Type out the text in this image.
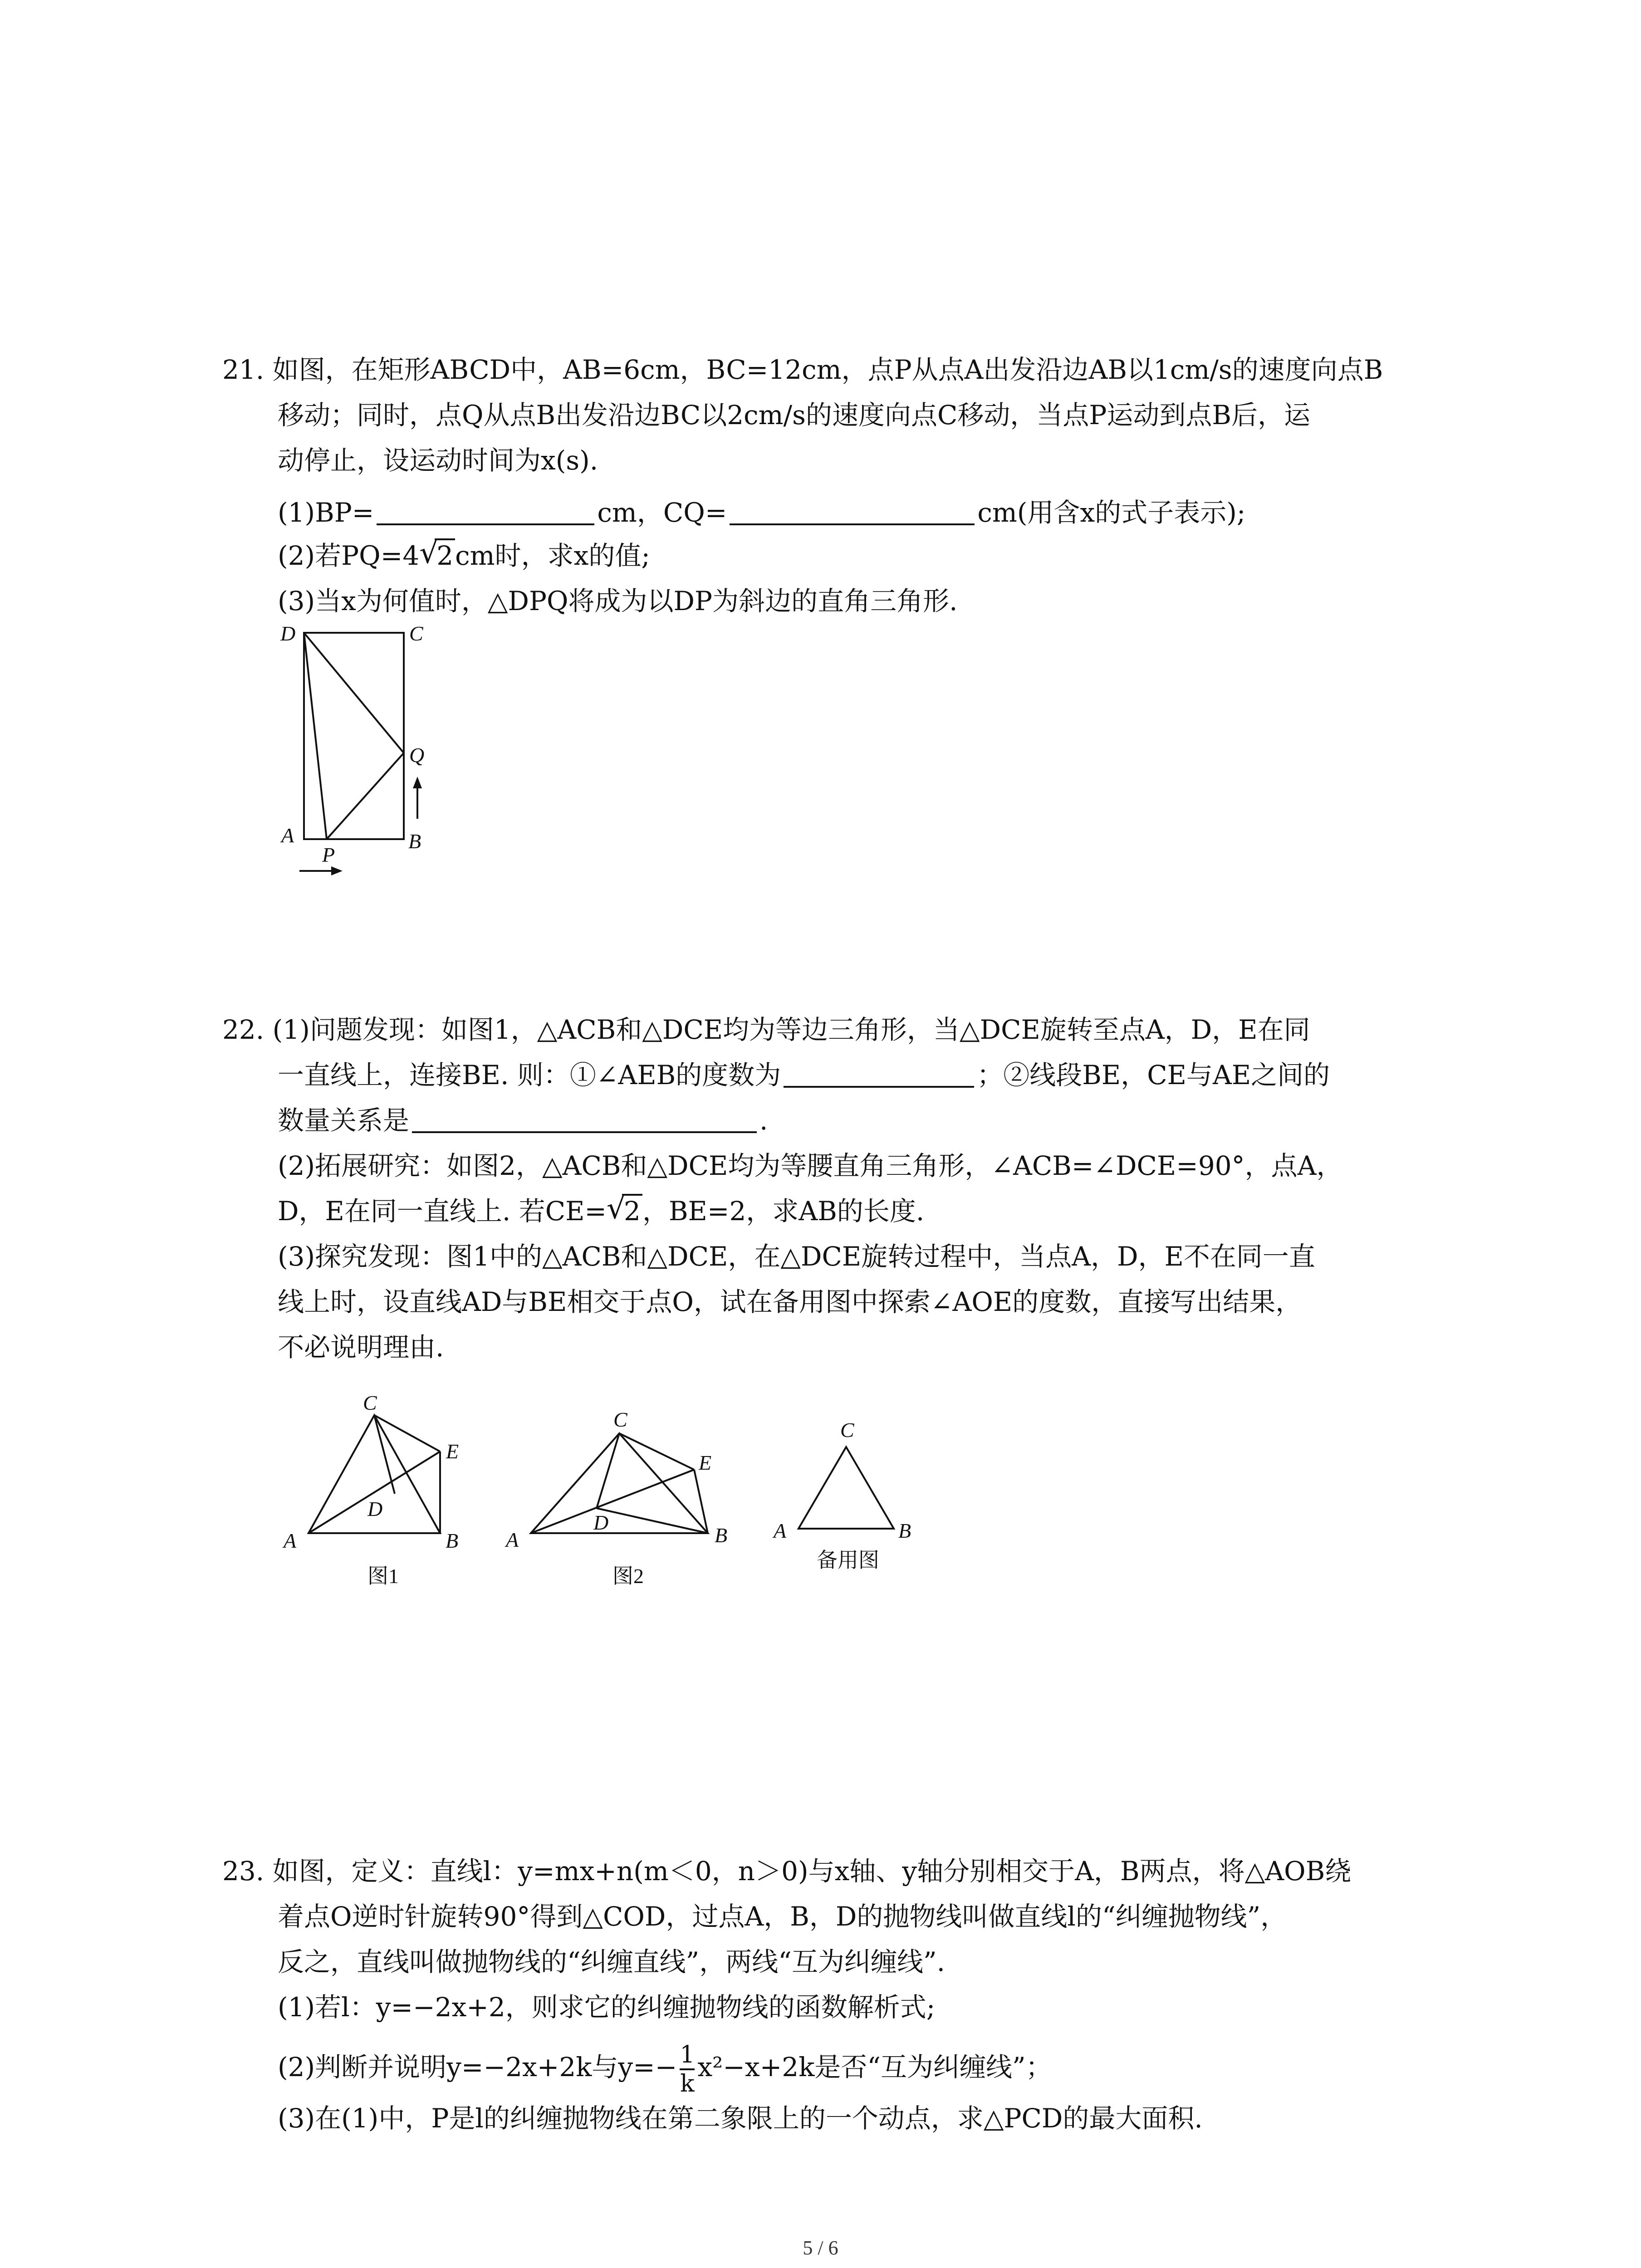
21. 如图，在矩形ABCD中，AB=6cm，BC=12cm，点P从点A出发沿边AB以1cm/s的速度向点B
移动；同时，点Q从点B出发沿边BC以2cm/s的速度向点C移动，当点P运动到点B后，运
动停止，设运动时间为x(s).
(1)BP=	cm，CQ=	cm(用含x的式子表示);
(2)若PQ=4 √
2cm时，求x的值;
(3)当x为何值时，△DPQ将成为以DP为斜边的直角三角形.
D	C
Q
A
P
B
22. (1)问题发现：如图1，△ACB和△DCE均为等边三角形，当△DCE旋转至点A，D，E在同
一直线上，连接BE. 则：①∠AEB的度数为	；②线段BE，CE与AE之间的
数量关系是	.
(2)拓展研究：如图2，△ACB和△DCE均为等腰直角三角形，∠ACB=∠DCE=90°，点A，
D，E在同一直线上. 若CE= √
2，BE=2，求AB的长度.
(3)探究发现：图1中的△ACB和△DCE，在△DCE旋转过程中，当点A，D，E不在同一直
线上时，设直线AD与BE相交于点O，试在备用图中探索∠AOE的度数，直接写出结果，
不必说明理由.
C
E
D
A	B
图1
C
E
D
A	B
图2
C
A	B
备用图
23. 如图，定义：直线l：y=mx+n(m＜0，n＞0)与x轴、y轴分别相交于A，B两点，将△AOB绕
着点O逆时针旋转90°得到△COD，过点A，B，D的抛物线叫做直线l的“纠缠抛物线”，
反之，直线叫做抛物线的“纠缠直线”，两线“互为纠缠线”.
(1)若l：y=−2x+2，则求它的纠缠抛物线的函数解析式;
(2)判断并说明y=−2x+2k与$y=- \frac{1}{k} x^2-x+2k$是否“互为纠缠线”；
(3)在(1)中，P是l的纠缠抛物线在第二象限上的一个动点，求△PCD的最大面积.
5 / 6
